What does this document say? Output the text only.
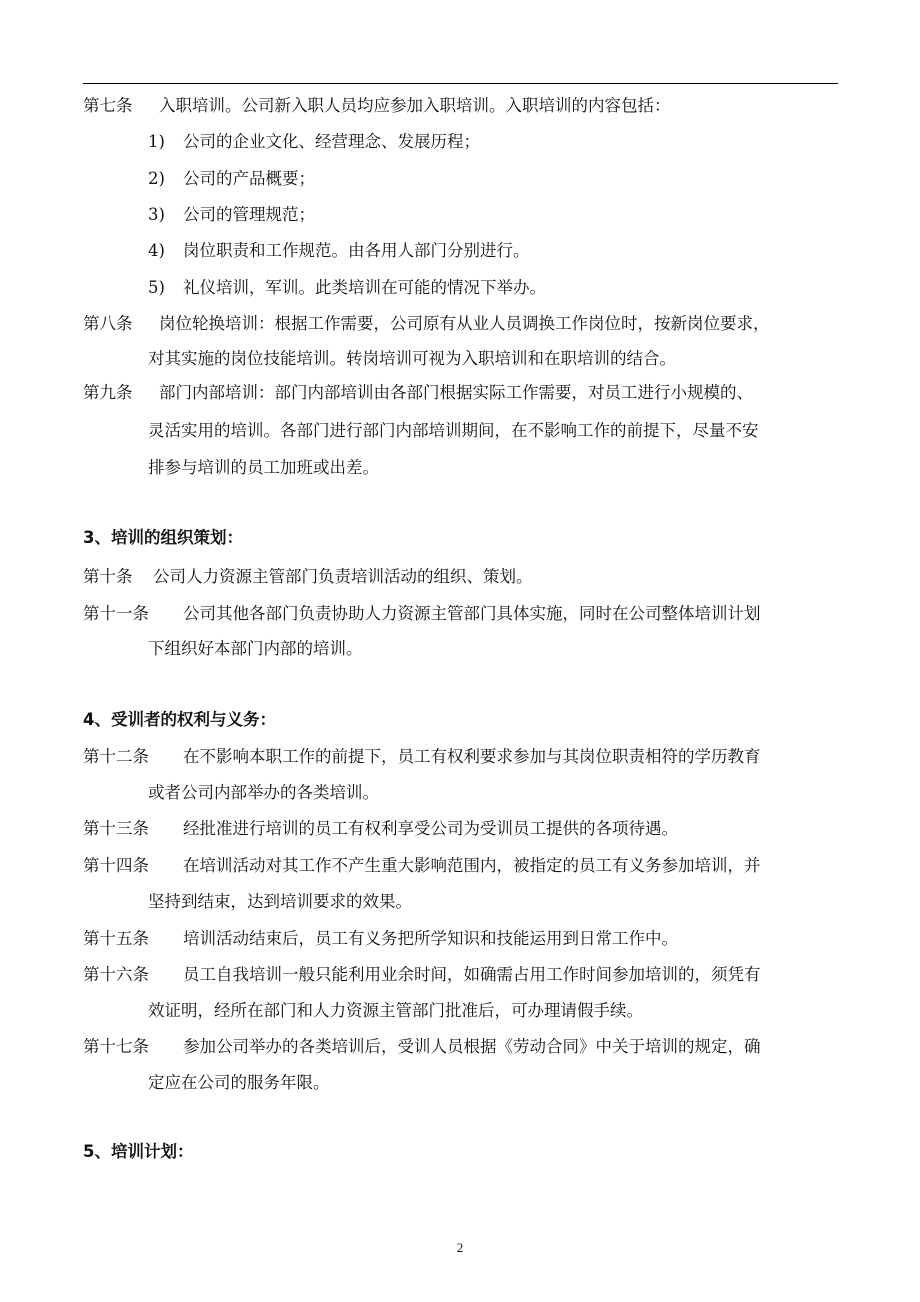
第七条 入职培训。公司新入职人员均应参加入职培训。入职培训的内容包括：
1) 公司的企业文化、经营理念、发展历程；
2) 公司的产品概要；
3) 公司的管理规范；
4) 岗位职责和工作规范。由各用人部门分别进行。
5) 礼仪培训，军训。此类培训在可能的情况下举办。
第八条 岗位轮换培训：根据工作需要，公司原有从业人员调换工作岗位时，按新岗位要求，
对其实施的岗位技能培训。转岗培训可视为入职培训和在职培训的结合。
第九条 部门内部培训：部门内部培训由各部门根据实际工作需要，对员工进行小规模的、
灵活实用的培训。各部门进行部门内部培训期间，在不影响工作的前提下，尽量不安
排参与培训的员工加班或出差。
3、培训的组织策划：
第十条 公司人力资源主管部门负责培训活动的组织、策划。
第十一条 公司其他各部门负责协助人力资源主管部门具体实施，同时在公司整体培训计划
下组织好本部门内部的培训。
4、受训者的权利与义务：
第十二条 在不影响本职工作的前提下，员工有权利要求参加与其岗位职责相符的学历教育
或者公司内部举办的各类培训。
第十三条 经批准进行培训的员工有权利享受公司为受训员工提供的各项待遇。
第十四条 在培训活动对其工作不产生重大影响范围内，被指定的员工有义务参加培训，并
坚持到结束，达到培训要求的效果。
第十五条 培训活动结束后，员工有义务把所学知识和技能运用到日常工作中。
第十六条 员工自我培训一般只能利用业余时间，如确需占用工作时间参加培训的，须凭有
效证明，经所在部门和人力资源主管部门批准后，可办理请假手续。
第十七条 参加公司举办的各类培训后，受训人员根据《劳动合同》中关于培训的规定，确
定应在公司的服务年限。
5、培训计划：
2
